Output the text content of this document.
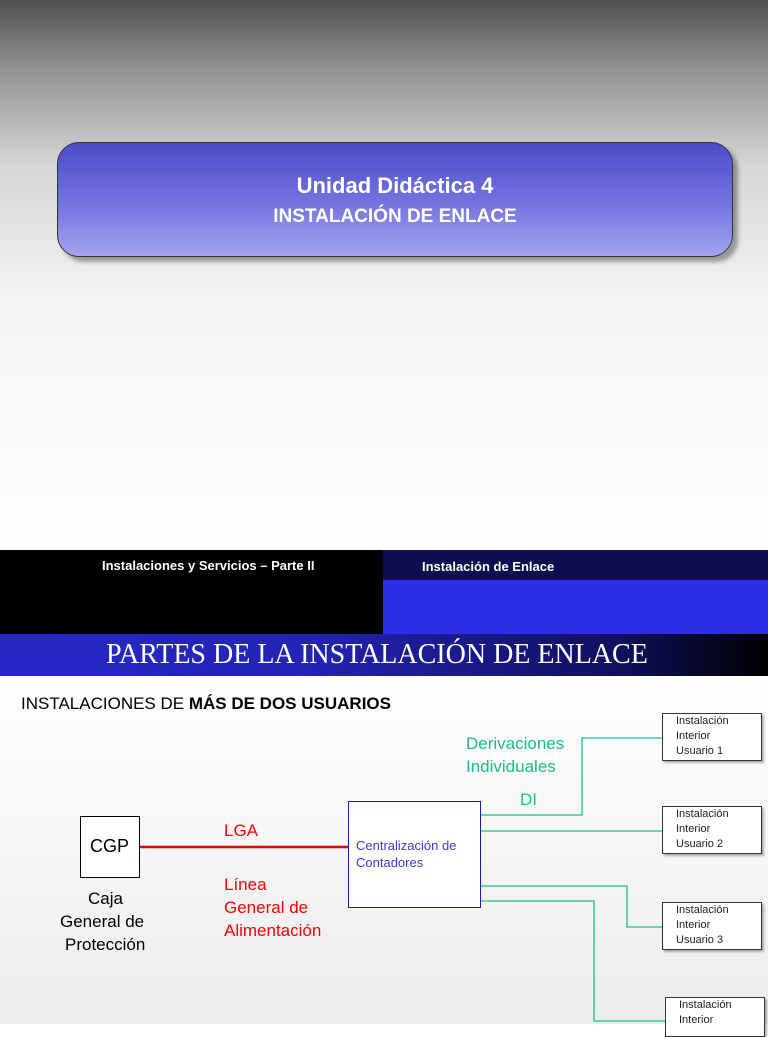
Unidad Didáctica 4
INSTALACIÓN DE ENLACE
Instalaciones y Servicios – Parte II	Instalación de Enlace
PARTES DE LA INSTALACIÓN DE ENLACE
INSTALACIONES DE MÁS DE DOS USUARIOS
CGP
Caja
General de
Protección
LGA
Línea
General de
Alimentación
Centralización de
Contadores
Derivaciones
Individuales
DI
Instalación
Interior
Usuario 1
Instalación
Interior
Usuario 2
Instalación
Interior
Usuario 3
Instalación
Interior
